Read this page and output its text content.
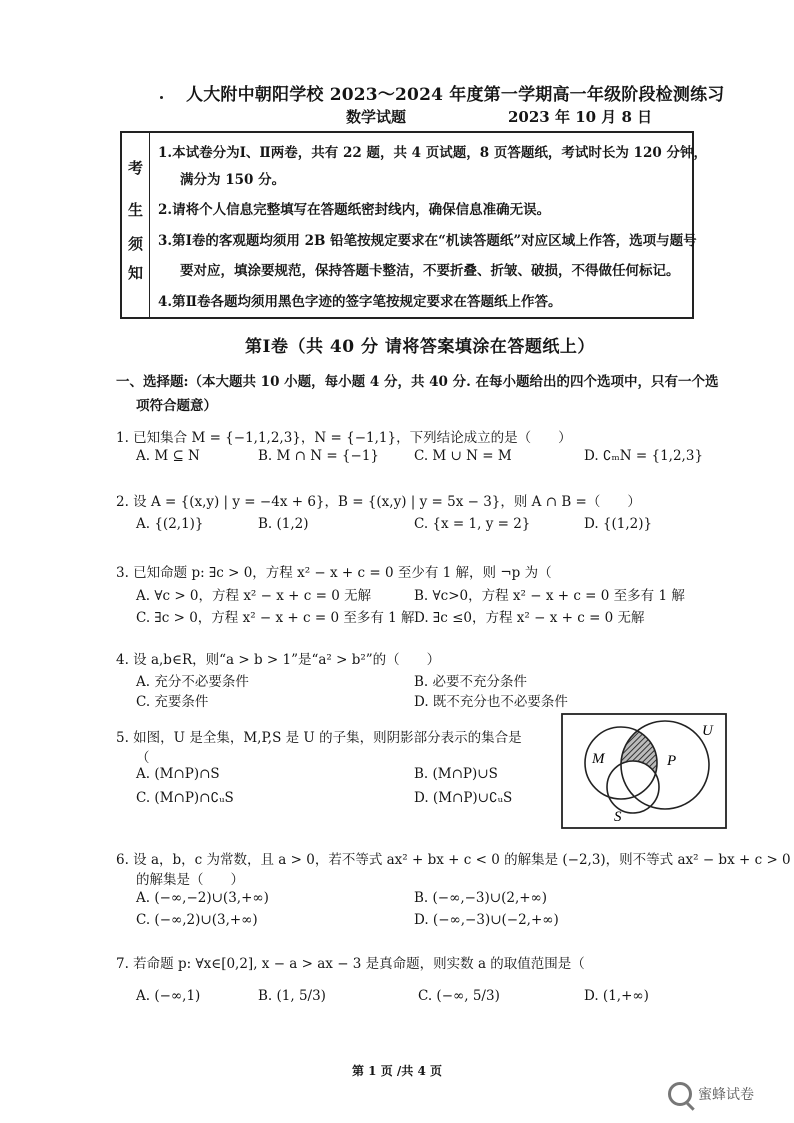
人大附中朝阳学校 2023～2024 年度第一学期高一年级阶段检测练习
数学试题	2023 年 10 月 8 日
考
生
须
知
1.本试卷分为Ⅰ、Ⅱ两卷，共有 22 题，共 4 页试题，8 页答题纸，考试时长为 120 分钟，
满分为 150 分。
2.请将个人信息完整填写在答题纸密封线内，确保信息准确无误。
3.第Ⅰ卷的客观题均须用 2B 铅笔按规定要求在“机读答题纸”对应区域上作答，选项与题号
要对应，填涂要规范，保持答题卡整洁，不要折叠、折皱、破损，不得做任何标记。
4.第Ⅱ卷各题均须用黑色字迹的签字笔按规定要求在答题纸上作答。
第Ⅰ卷（共 40 分 请将答案填涂在答题纸上）
一、选择题:（本大题共 10 小题，每小题 4 分，共 40 分. 在每小题给出的四个选项中，只有一个选
项符合题意）
1. 已知集合 M = {−1,1,2,3}，N = {−1,1}，下列结论成立的是（　　）
A. M ⊆ N	B. M ∩ N = {−1}	C. M ∪ N = M	D. ∁ₘN = {1,2,3}
2. 设 A = {(x,y) | y = −4x + 6}，B = {(x,y) | y = 5x − 3}，则 A ∩ B =（　　）
A. {(2,1)}	B. (1,2)	C. {x = 1, y = 2}	D. {(1,2)}
3. 已知命题 p: ∃c > 0，方程 x² − x + c = 0 至少有 1 解，则 ¬p 为（
A. ∀c > 0，方程 x² − x + c = 0 无解	B. ∀c>0，方程 x² − x + c = 0 至多有 1 解
C. ∃c > 0，方程 x² − x + c = 0 至多有 1 解 D. ∃c ≤0，方程 x² − x + c = 0 无解
4. 设 a,b∈R，则“a > b > 1”是“a² > b²”的（　　）
A. 充分不必要条件	B. 必要不充分条件
C. 充要条件	D. 既不充分也不必要条件
5. 如图，U 是全集，M,P,S 是 U 的子集，则阴影部分表示的集合是
（
A. (M∩P)∩S	B. (M∩P)∪S
C. (M∩P)∩∁ᵤS	D. (M∩P)∪∁ᵤS
U
M	P
S
6. 设 a，b，c 为常数，且 a > 0，若不等式 ax² + bx + c < 0 的解集是 (−2,3)，则不等式 ax² − bx + c > 0
的解集是（　　）
A. (−∞,−2)∪(3,+∞)	B. (−∞,−3)∪(2,+∞)
C. (−∞,2)∪(3,+∞)	D. (−∞,−3)∪(−2,+∞)
7. 若命题 p: ∀x∈[0,2], x − a > ax − 3 是真命题，则实数 a 的取值范围是（
A. (−∞,1)	B. (1, 5/3)	C. (−∞, 5/3)	D. (1,+∞)
第 1 页 /共 4 页
蜜蜂试卷
